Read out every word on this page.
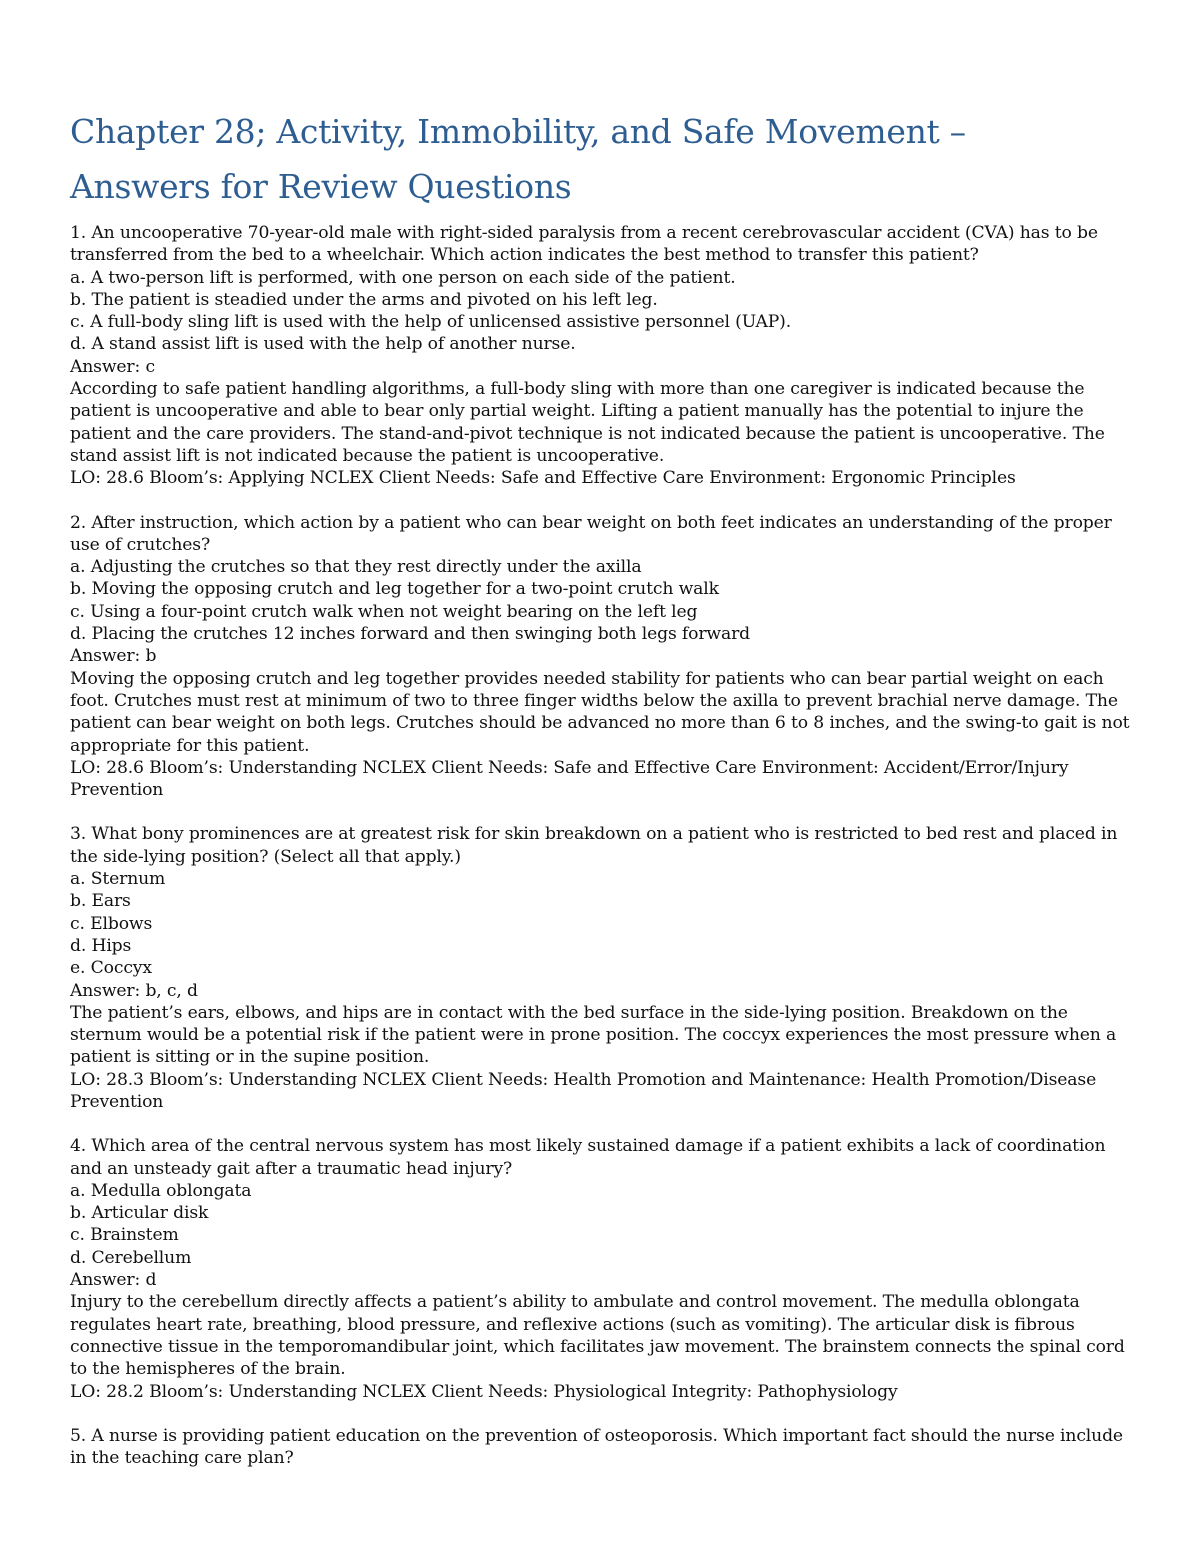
Chapter 28; Activity, Immobility, and Safe Movement –
Answers for Review Questions

1. An uncooperative 70-year-old male with right-sided paralysis from a recent cerebrovascular accident (CVA) has to be transferred from the bed to a wheelchair. Which action indicates the best method to transfer this patient?

a. A two-person lift is performed, with one person on each side of the patient.
b. The patient is steadied under the arms and pivoted on his left leg.
c. A full-body sling lift is used with the help of unlicensed assistive personnel (UAP).
d. A stand assist lift is used with the help of another nurse.

Answer: c

According to safe patient handling algorithms, a full-body sling with more than one caregiver is indicated because the patient is uncooperative and able to bear only partial weight. Lifting a patient manually has the potential to injure the patient and the care providers. The stand-and-pivot technique is not indicated because the patient is uncooperative. The stand assist lift is not indicated because the patient is uncooperative.

LO: 28.6 Bloom’s: Applying NCLEX Client Needs: Safe and Effective Care Environment: Ergonomic Principles

2. After instruction, which action by a patient who can bear weight on both feet indicates an understanding of the proper use of crutches?

a. Adjusting the crutches so that they rest directly under the axilla
b. Moving the opposing crutch and leg together for a two-point crutch walk
c. Using a four-point crutch walk when not weight bearing on the left leg
d. Placing the crutches 12 inches forward and then swinging both legs forward

Answer: b

Moving the opposing crutch and leg together provides needed stability for patients who can bear partial weight on each foot. Crutches must rest at minimum of two to three finger widths below the axilla to prevent brachial nerve damage. The patient can bear weight on both legs. Crutches should be advanced no more than 6 to 8 inches, and the swing-to gait is not appropriate for this patient.

LO: 28.6 Bloom’s: Understanding NCLEX Client Needs: Safe and Effective Care Environment: Accident/Error/Injury Prevention

3. What bony prominences are at greatest risk for skin breakdown on a patient who is restricted to bed rest and placed in the side-lying position? (Select all that apply.)

a. Sternum
b. Ears
c. Elbows
d. Hips
e. Coccyx

Answer: b, c, d

The patient’s ears, elbows, and hips are in contact with the bed surface in the side-lying position. Breakdown on the sternum would be a potential risk if the patient were in prone position. The coccyx experiences the most pressure when a patient is sitting or in the supine position.

LO: 28.3 Bloom’s: Understanding NCLEX Client Needs: Health Promotion and Maintenance: Health Promotion/Disease Prevention

4. Which area of the central nervous system has most likely sustained damage if a patient exhibits a lack of coordination and an unsteady gait after a traumatic head injury?

a. Medulla oblongata
b. Articular disk
c. Brainstem
d. Cerebellum

Answer: d

Injury to the cerebellum directly affects a patient’s ability to ambulate and control movement. The medulla oblongata regulates heart rate, breathing, blood pressure, and reflexive actions (such as vomiting). The articular disk is fibrous connective tissue in the temporomandibular joint, which facilitates jaw movement. The brainstem connects the spinal cord to the hemispheres of the brain.

LO: 28.2 Bloom’s: Understanding NCLEX Client Needs: Physiological Integrity: Pathophysiology

5. A nurse is providing patient education on the prevention of osteoporosis. Which important fact should the nurse include in the teaching care plan?
